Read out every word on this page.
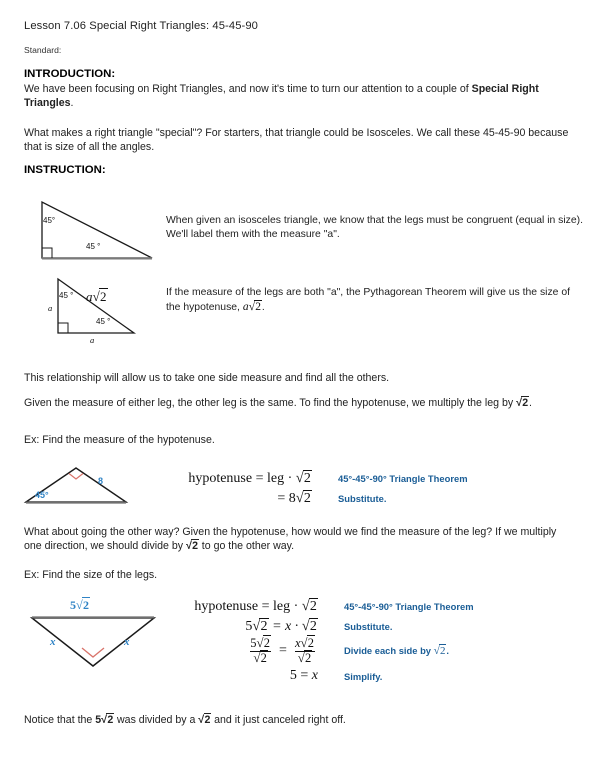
Lesson 7.06 Special Right Triangles: 45-45-90
Standard:
INTRODUCTION:
We have been focusing on Right Triangles, and now it's time to turn our attention to a couple of Special Right Triangles.
What makes a right triangle "special"? For starters, that triangle could be Isosceles. We call these 45-45-90 because that is size of all the angles.
INSTRUCTION:
45°
45 °
When given an isosceles triangle, we know that the legs must be congruent (equal in size). We'll label them with the measure "a".
45 °
45 °
a
a
a√2	If the measure of the legs are both "a", the Pythagorean Theorem will give us the size of the hypotenuse, a√2.
This relationship will allow us to take one side measure and find all the others.
Given the measure of either leg, the other leg is the same. To find the hypotenuse, we multiply the leg by √2.
Ex: Find the measure of the hypotenuse.
45°
8	hypotenuse = leg · √2	45°-45°-90° Triangle Theorem
= 8√2	Substitute.
What about going the other way? Given the hypotenuse, how would we find the measure of the leg? If we multiply one direction, we should divide by √2 to go the other way.
Ex: Find the size of the legs.
5√2
x	x
hypotenuse = leg · √2	45°-45°-90° Triangle Theorem
5√2 = x · √2	Substitute.
$\frac{5√2}{√2} = \frac{x√2}{√2}$	Divide each side by √2.
5 = x	Simplify.
Notice that the 5√2 was divided by a √2 and it just canceled right off.
